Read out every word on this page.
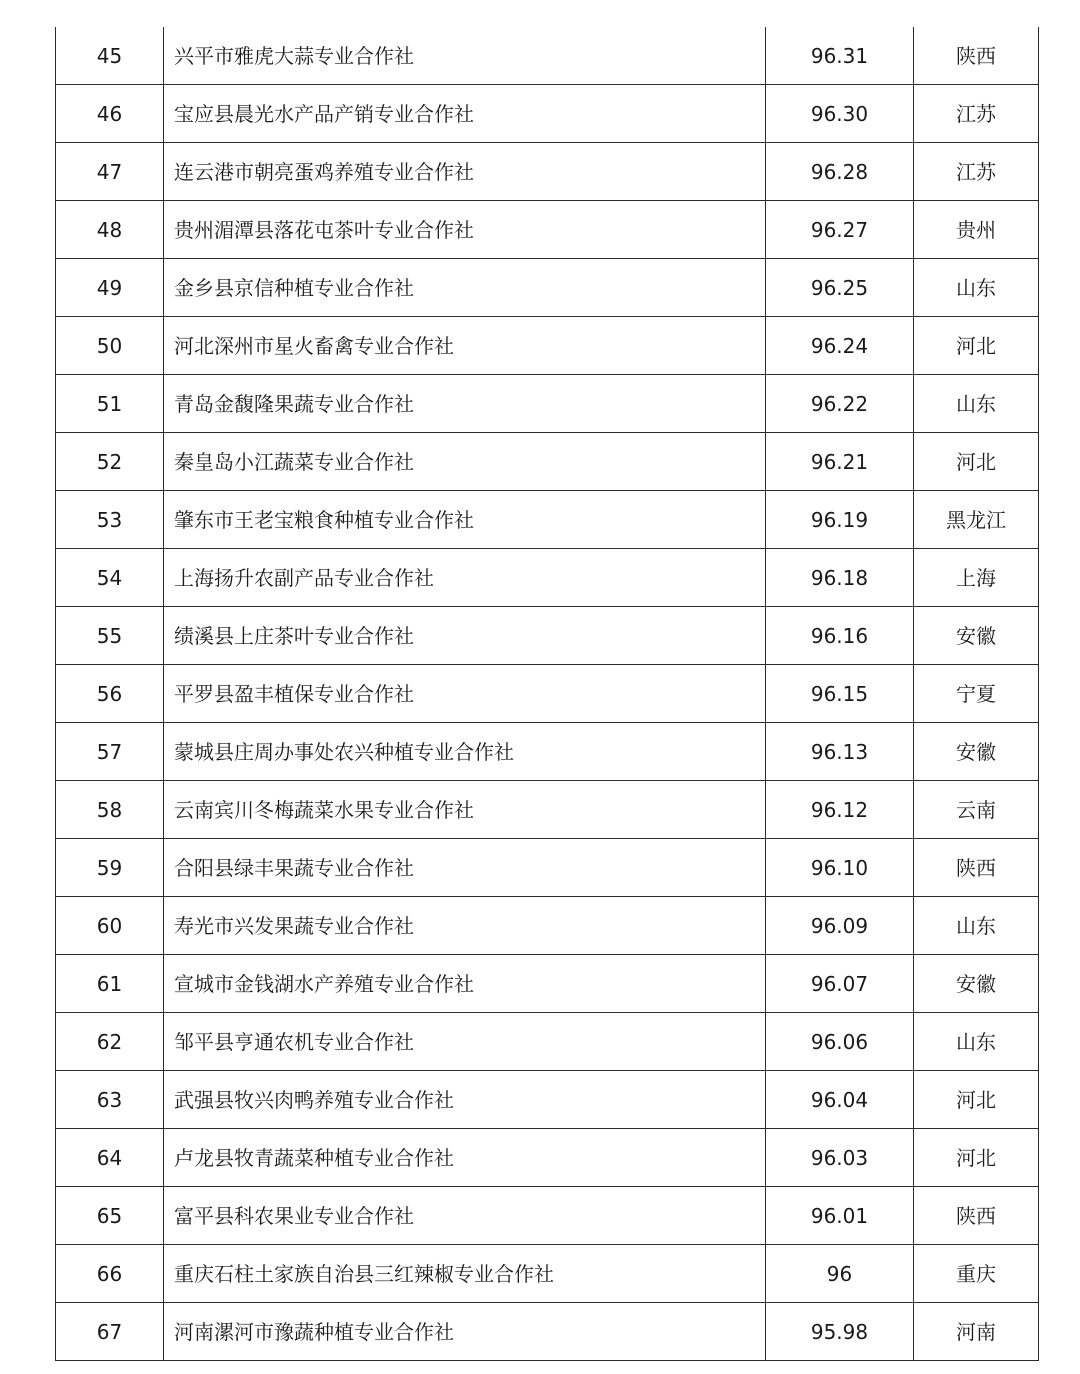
45	兴平市雅虎大蒜专业合作社	96.31	陕西
46	宝应县晨光水产品产销专业合作社	96.30	江苏
47	连云港市朝亮蛋鸡养殖专业合作社	96.28	江苏
48	贵州湄潭县落花屯茶叶专业合作社	96.27	贵州
49	金乡县京信种植专业合作社	96.25	山东
50	河北深州市星火畜禽专业合作社	96.24	河北
51	青岛金馥隆果蔬专业合作社	96.22	山东
52	秦皇岛小江蔬菜专业合作社	96.21	河北
53	肇东市王老宝粮食种植专业合作社	96.19	黑龙江
54	上海扬升农副产品专业合作社	96.18	上海
55	绩溪县上庄茶叶专业合作社	96.16	安徽
56	平罗县盈丰植保专业合作社	96.15	宁夏
57	蒙城县庄周办事处农兴种植专业合作社	96.13	安徽
58	云南宾川冬梅蔬菜水果专业合作社	96.12	云南
59	合阳县绿丰果蔬专业合作社	96.10	陕西
60	寿光市兴发果蔬专业合作社	96.09	山东
61	宣城市金钱湖水产养殖专业合作社	96.07	安徽
62	邹平县亨通农机专业合作社	96.06	山东
63	武强县牧兴肉鸭养殖专业合作社	96.04	河北
64	卢龙县牧青蔬菜种植专业合作社	96.03	河北
65	富平县科农果业专业合作社	96.01	陕西
66	重庆石柱土家族自治县三红辣椒专业合作社	96	重庆
67	河南漯河市豫蔬种植专业合作社	95.98	河南
